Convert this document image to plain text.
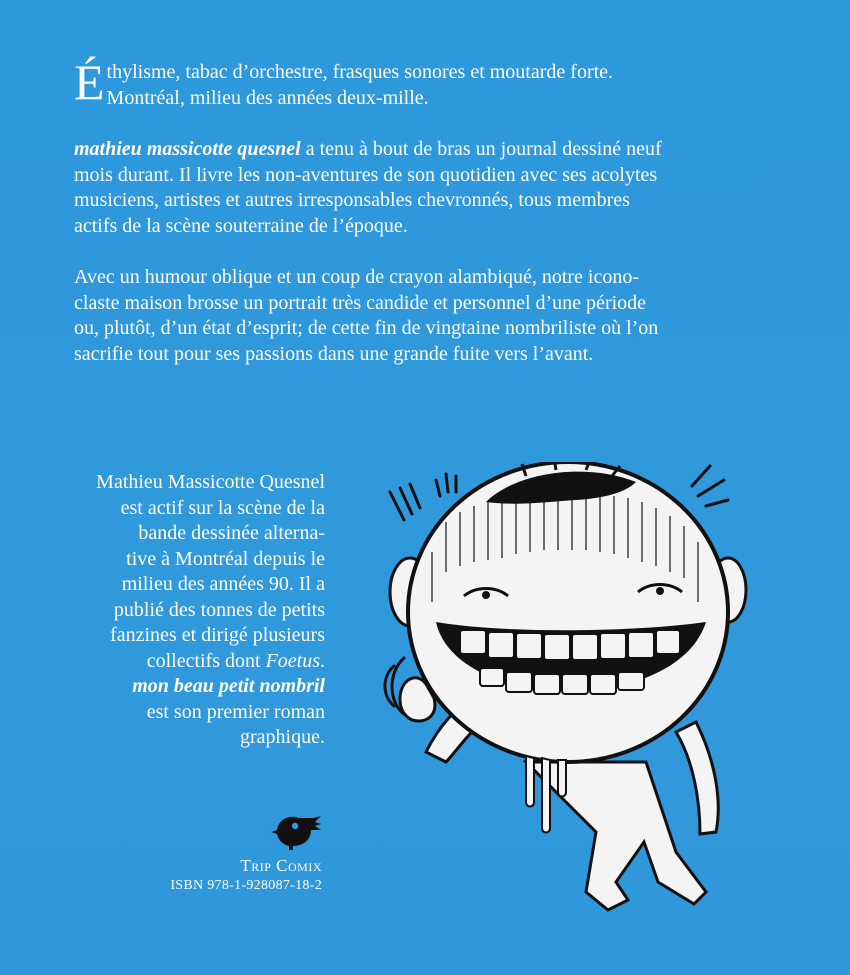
Éthylisme, tabac d’orchestre, frasques sonores et moutarde forte.
Montréal, milieu des années deux-mille.

mathieu massicotte quesnel a tenu à bout de bras un journal dessiné neuf
mois durant. Il livre les non-aventures de son quotidien avec ses acolytes
musiciens, artistes et autres irresponsables chevronnés, tous membres
actifs de la scène souterraine de l’époque.

Avec un humour oblique et un coup de crayon alambiqué, notre icono-
claste maison brosse un portrait très candide et personnel d’une période
ou, plutôt, d’un état d’esprit; de cette fin de vingtaine nombriliste où l’on
sacrifie tout pour ses passions dans une grande fuite vers l’avant.

Mathieu Massicotte Quesnel
est actif sur la scène de la
bande dessinée alterna-
tive à Montréal depuis le
milieu des années 90. Il a
publié des tonnes de petits
fanzines et dirigé plusieurs
collectifs dont Foetus.
mon beau petit nombril
est son premier roman
graphique.
Trip Comix
ISBN 978-1-928087-18-2
